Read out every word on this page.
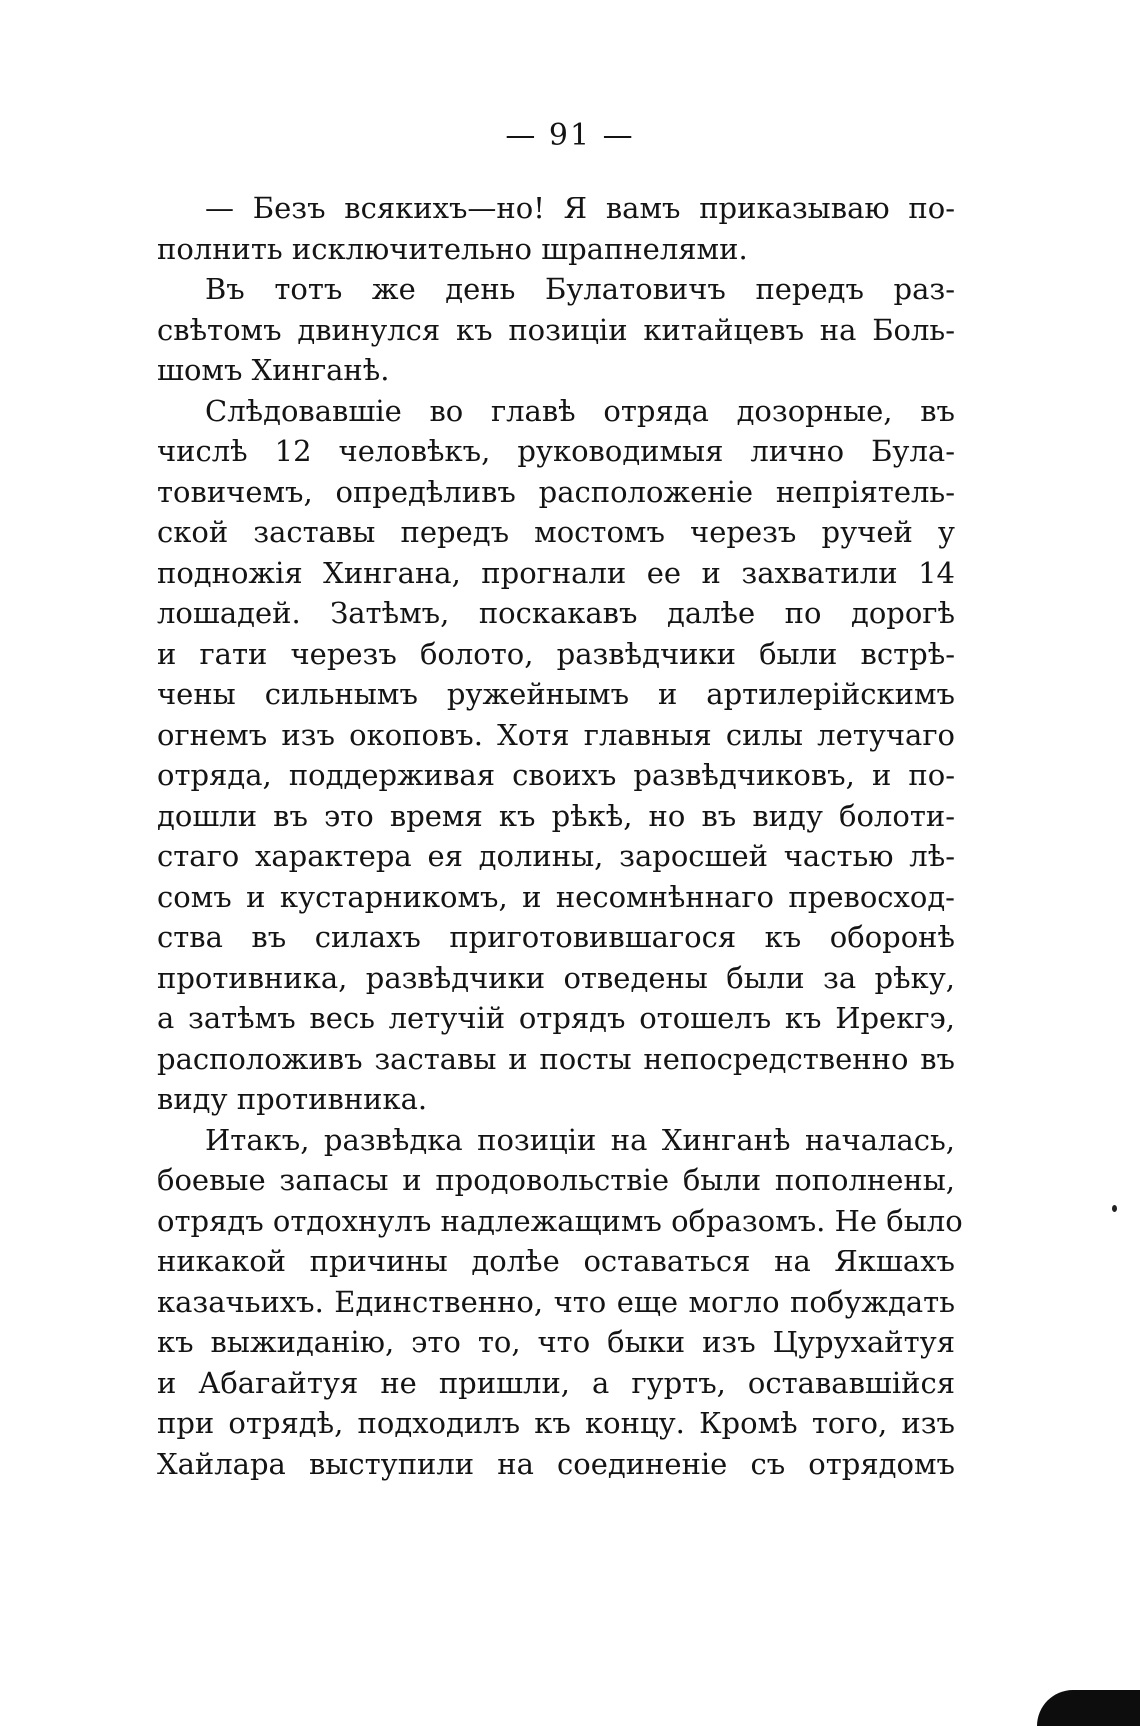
— 91 —
— Безъ всякихъ—но! Я вамъ приказываю по-
полнить исключительно шрапнелями.
Въ тотъ же день Булатовичъ передъ раз-
свѣтомъ двинулся къ позиціи китайцевъ на Боль-
шомъ Хинганѣ.
Слѣдовавшіе во главѣ отряда дозорные, въ
числѣ 12 человѣкъ, руководимыя лично Була-
товичемъ, опредѣливъ расположеніе непріятель-
ской заставы передъ мостомъ черезъ ручей у
подножія Хингана, прогнали ее и захватили 14
лошадей. Затѣмъ, поскакавъ далѣе по дорогѣ
и гати черезъ болото, развѣдчики были встрѣ-
чены сильнымъ ружейнымъ и артилерійскимъ
огнемъ изъ окоповъ. Хотя главныя силы летучаго
отряда, поддерживая своихъ развѣдчиковъ, и по-
дошли въ это время къ рѣкѣ, но въ виду болоти-
стаго характера ея долины, заросшей частью лѣ-
сомъ и кустарникомъ, и несомнѣннаго превосход-
ства въ силахъ приготовившагося къ оборонѣ
противника, развѣдчики отведены были за рѣку,
а затѣмъ весь летучій отрядъ отошелъ къ Ирекгэ,
расположивъ заставы и посты непосредственно въ
виду противника.
Итакъ, развѣдка позиціи на Хинганѣ началась,
боевые запасы и продовольствіе были пополнены,
отрядъ отдохнулъ надлежащимъ образомъ. Не было
никакой причины долѣе оставаться на Якшахъ
казачьихъ. Единственно, что еще могло побуждать
къ выжиданію, это то, что быки изъ Цурухайтуя
и Абагайтуя не пришли, а гуртъ, остававшійся
при отрядѣ, подходилъ къ концу. Кромѣ того, изъ
Хайлара выступили на соединеніе съ отрядомъ
